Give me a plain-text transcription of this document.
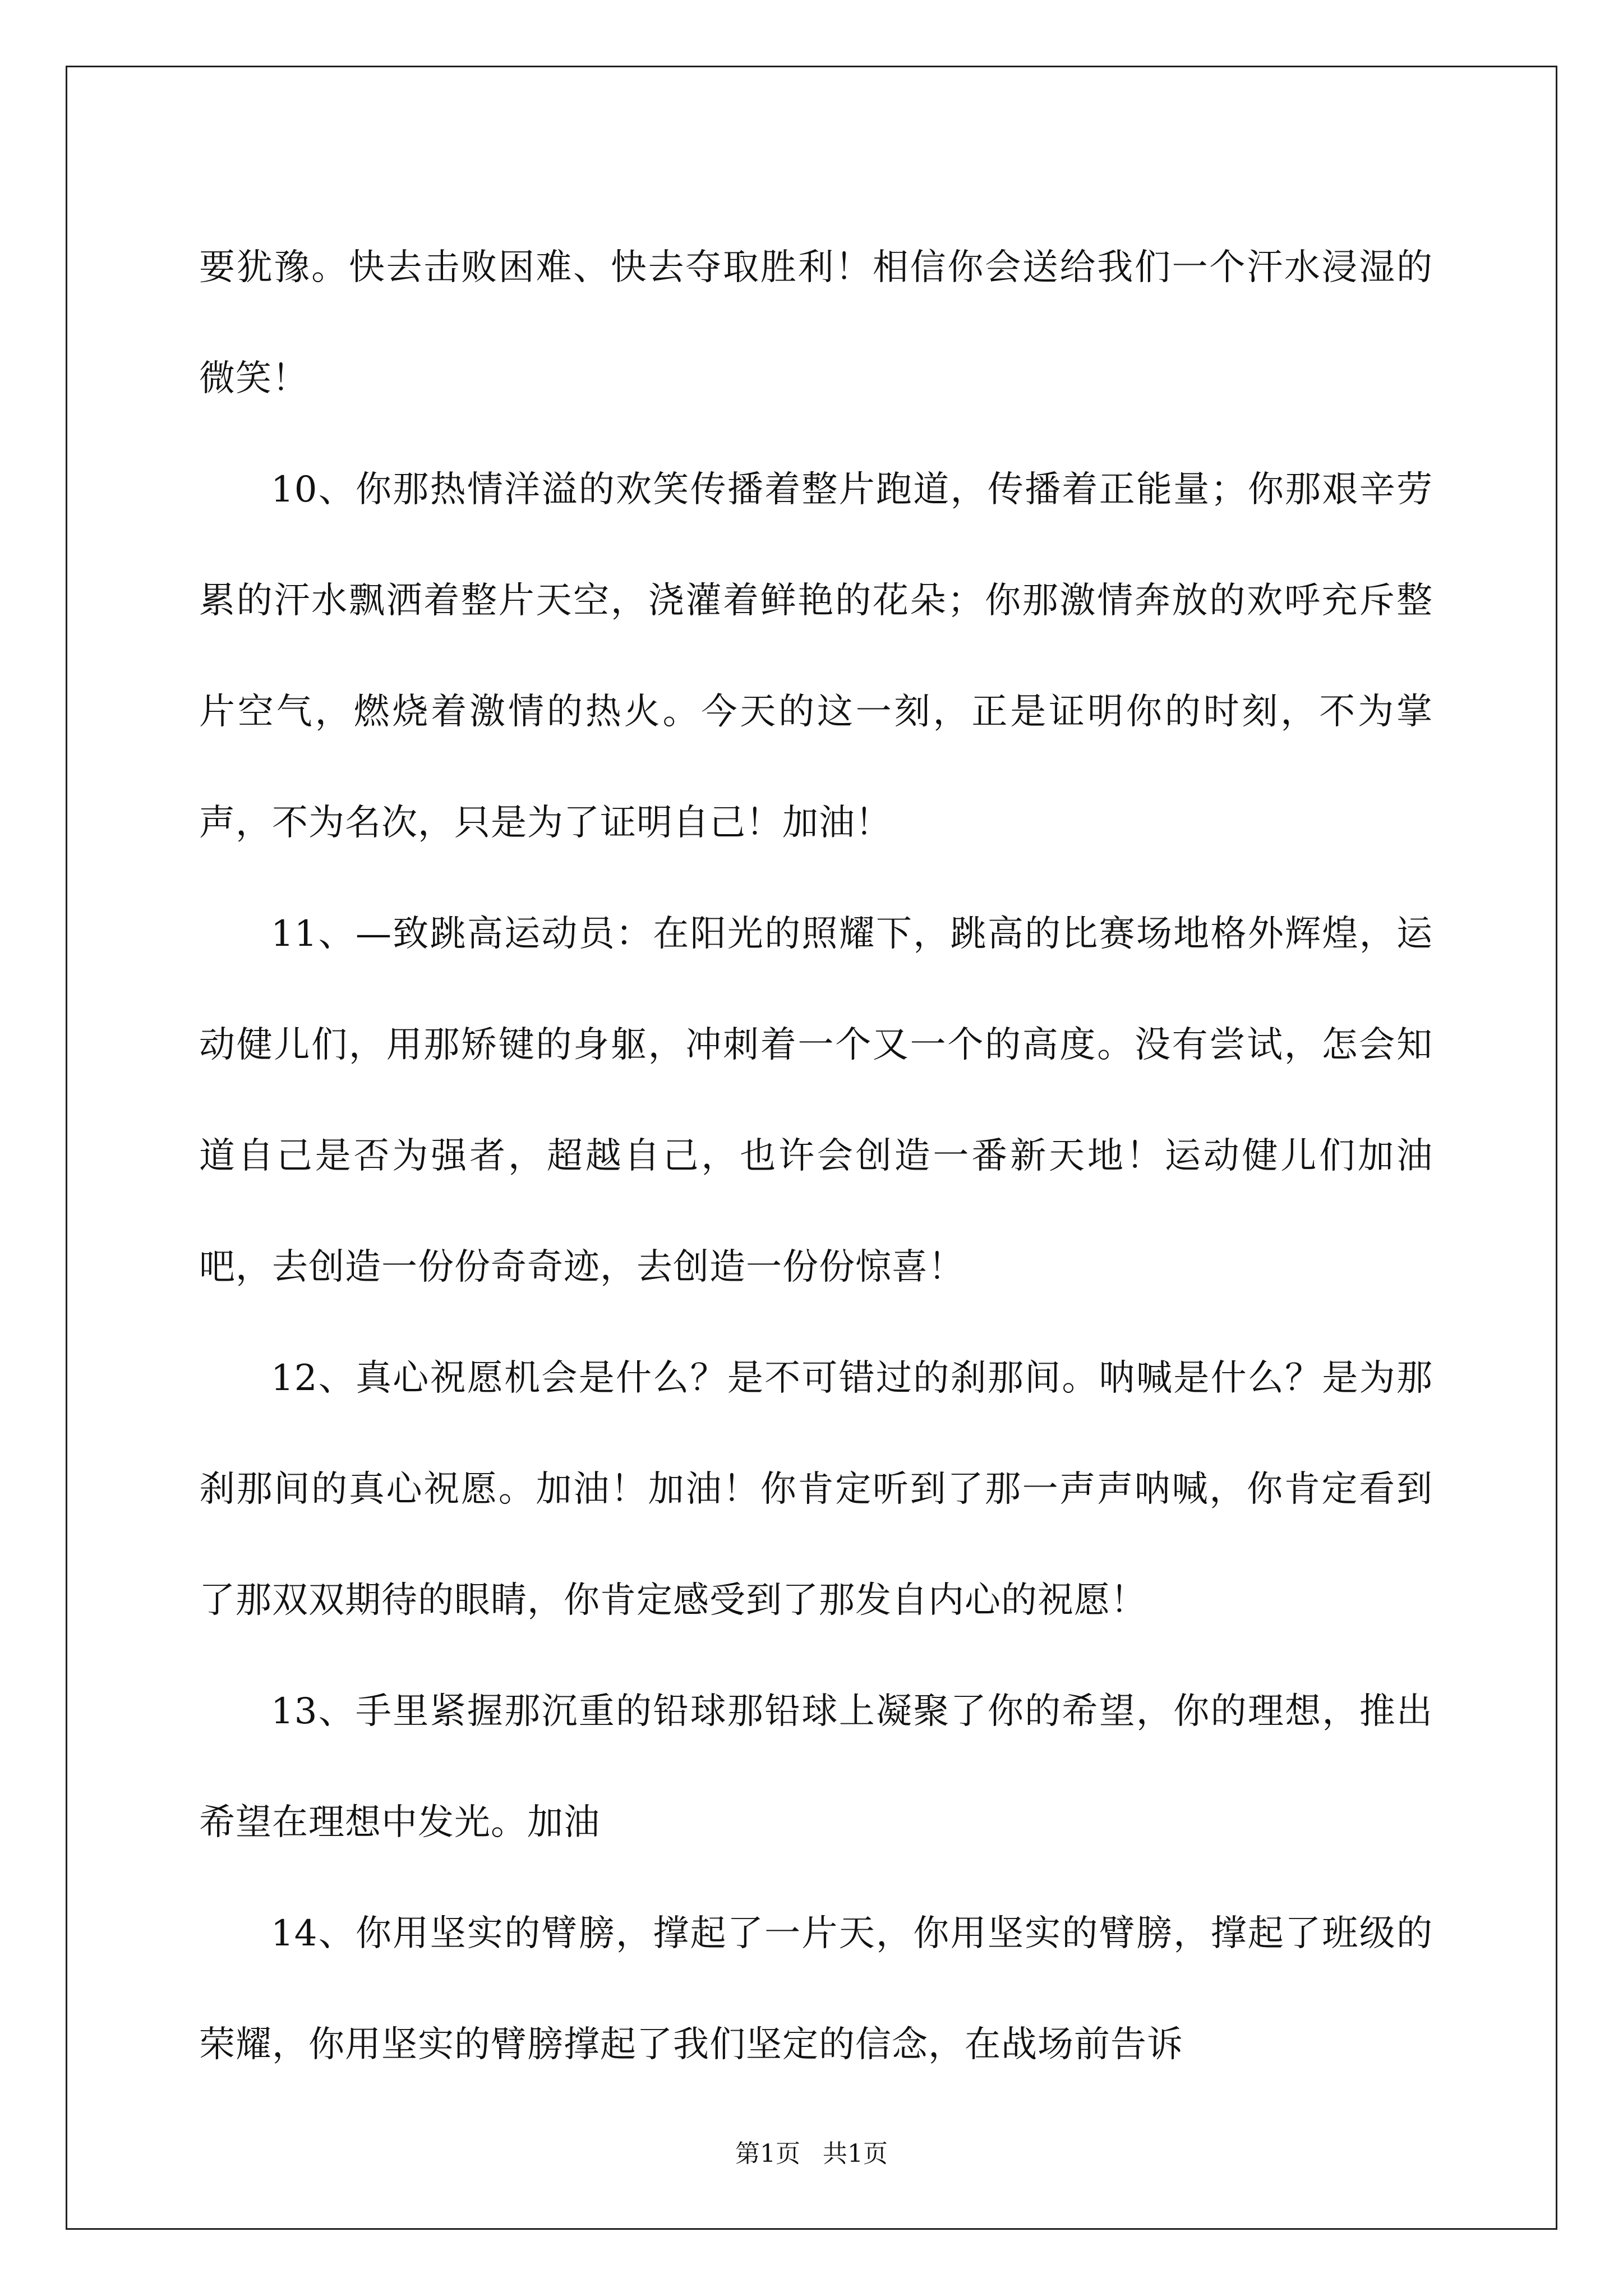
要犹豫。快去击败困难、快去夺取胜利！相信你会送给我们一个汗水浸湿的微笑！

10、你那热情洋溢的欢笑传播着整片跑道，传播着正能量；你那艰辛劳累的汗水飘洒着整片天空，浇灌着鲜艳的花朵；你那激情奔放的欢呼充斥整片空气，燃烧着激情的热火。今天的这一刻，正是证明你的时刻，不为掌声，不为名次，只是为了证明自己！加油！

11、—致跳高运动员：在阳光的照耀下，跳高的比赛场地格外辉煌，运动健儿们，用那矫键的身躯，冲刺着一个又一个的高度。没有尝试，怎会知道自己是否为强者，超越自己，也许会创造一番新天地！运动健儿们加油吧，去创造一份份奇奇迹，去创造一份份惊喜！

12、真心祝愿机会是什么？是不可错过的刹那间。呐喊是什么？是为那刹那间的真心祝愿。加油！加油！你肯定听到了那一声声呐喊，你肯定看到了那双双期待的眼睛，你肯定感受到了那发自内心的祝愿！

13、手里紧握那沉重的铅球那铅球上凝聚了你的希望，你的理想，推出希望在理想中发光。加油

14、你用坚实的臂膀，撑起了一片天，你用坚实的臂膀，撑起了班级的荣耀，你用坚实的臂膀撑起了我们坚定的信念，在战场前告诉

第1页 共1页
